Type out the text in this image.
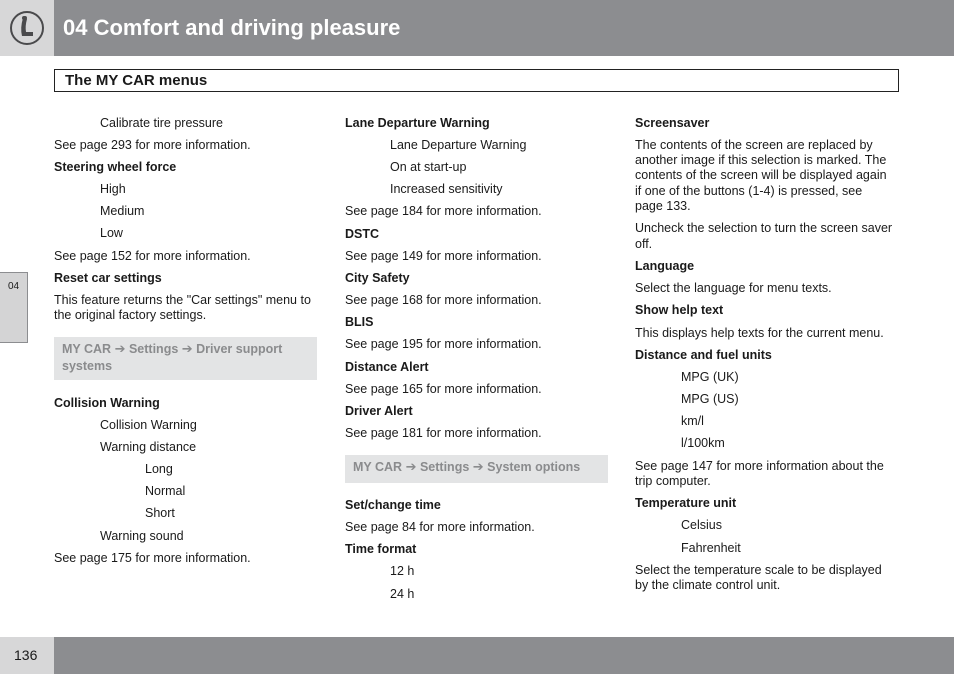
04 Comfort and driving pleasure
The MY CAR menus
04
Calibrate tire pressure
See page 293 for more information.
Steering wheel force
High
Medium
Low
See page 152 for more information.
Reset car settings
This feature returns the "Car settings" menu to
the original factory settings.
MY CAR ➔ Settings ➔ Driver support
systems
Collision Warning
Collision Warning
Warning distance
Long
Normal
Short
Warning sound
See page 175 for more information.
Lane Departure Warning
Lane Departure Warning
On at start-up
Increased sensitivity
See page 184 for more information.
DSTC
See page 149 for more information.
City Safety
See page 168 for more information.
BLIS
See page 195 for more information.
Distance Alert
See page 165 for more information.
Driver Alert
See page 181 for more information.
MY CAR ➔ Settings ➔ System options
Set/change time
See page 84 for more information.
Time format
12 h
24 h
Screensaver
The contents of the screen are replaced by
another image if this selection is marked. The
contents of the screen will be displayed again
if one of the buttons (1-4) is pressed, see
page 133.
Uncheck the selection to turn the screen saver
off.
Language
Select the language for menu texts.
Show help text
This displays help texts for the current menu.
Distance and fuel units
MPG (UK)
MPG (US)
km/l
l/100km
See page 147 for more information about the
trip computer.
Temperature unit
Celsius
Fahrenheit
Select the temperature scale to be displayed
by the climate control unit.
136
